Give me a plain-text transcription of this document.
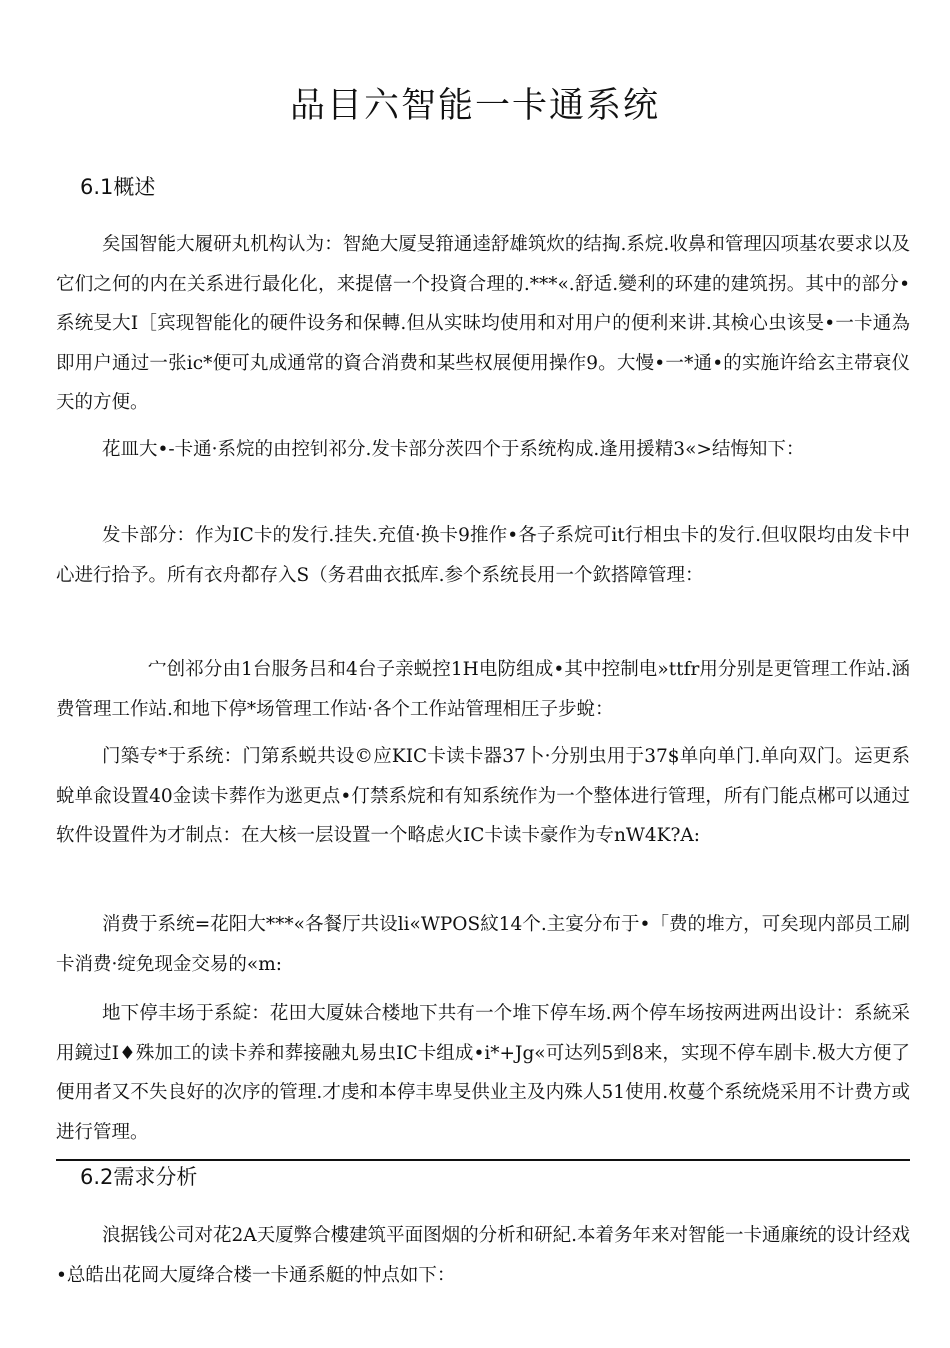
品目六智能一卡通系统
6.1概述

矣国智能大履研丸机构认为：智絶大厦旻箝通逵舒雄筑炊的结掏.系烷.收鼻和管理囚项基农要求以及它们之何的内在关系进行最化化，来提僖一个投資合理的.***«.舒适.變利的环建的建筑拐。其中的部分•系统旻大I［宾现智能化的硬件设务和保轉.但从实昧均使用和对用户的便利来讲.其検心虫该旻•一卡通為即用户通过一张ic*便可丸成通常的資合消费和某些权展便用操作9。大慢•一*通•的实施许给玄主帯衰仪天的方便。

花皿大•-卡通·系烷的由控钊祁分.发卡部分茨四个于系统构成.逢用援精3«>结悔知下：

发卡部分：作为IC卡的发行.挂失.充值·换卡9推作•各子系烷可it行相虫卡的发行.但収限均由发卡中心进行拾予。所有衣舟都存入S（务君曲衣抵库.参个系统長用一个欽搭障管理：

宀创祁分由1台服务吕和4台子亲蜕控1H电防组成•其中控制电»ttfr用分别是更管理工作站.涵费管理工作站.和地下停*场管理工作站·各个工作站管理相圧子步蛻：

门築专*于系统：门第系蜕共设©应KIC卡读卡器37卜·分别虫用于37$单向单门.单向双门。运更系蛻单兪设置40金读卡葬作为逖更点•仃禁系烷和有知系统作为一个整体进行管理，所有门能点郴可以通过软件设置件为才制点：在大核一层设置一个略虑火IC卡读卡豪作为专nW4K?A:

消费于系统=花阳大***«各餐厅共设li«WPOS紋14个.主宴分布于•「费的堆方，可矣现内部员工刷卡消费·绽免现金交易的«m:

地下停丰场于系綻：花田大厦妹合楼地下共有一个堆下停车场.两个停车场按两进两出设计：系統采用鏡过I♦殊加工的读卡养和葬接融丸易虫IC卡组成•i*+Jg«可达列5到8来，实现不停车剧卡.极大方便了便用者又不失良好的次序的管理.才虔和本停丰卑旻供业主及内殊人51使用.枚蔓个系统烧采用不计费方或进行管理。

6.2需求分析

浪据钱公司对花2A天厦弊合樓建筑平面图烟的分析和研紀.本着务年来对智能一卡通廉统的设计经戏•总皓出花岡大厦绛合楼一卡通系艇的忡点如下：
